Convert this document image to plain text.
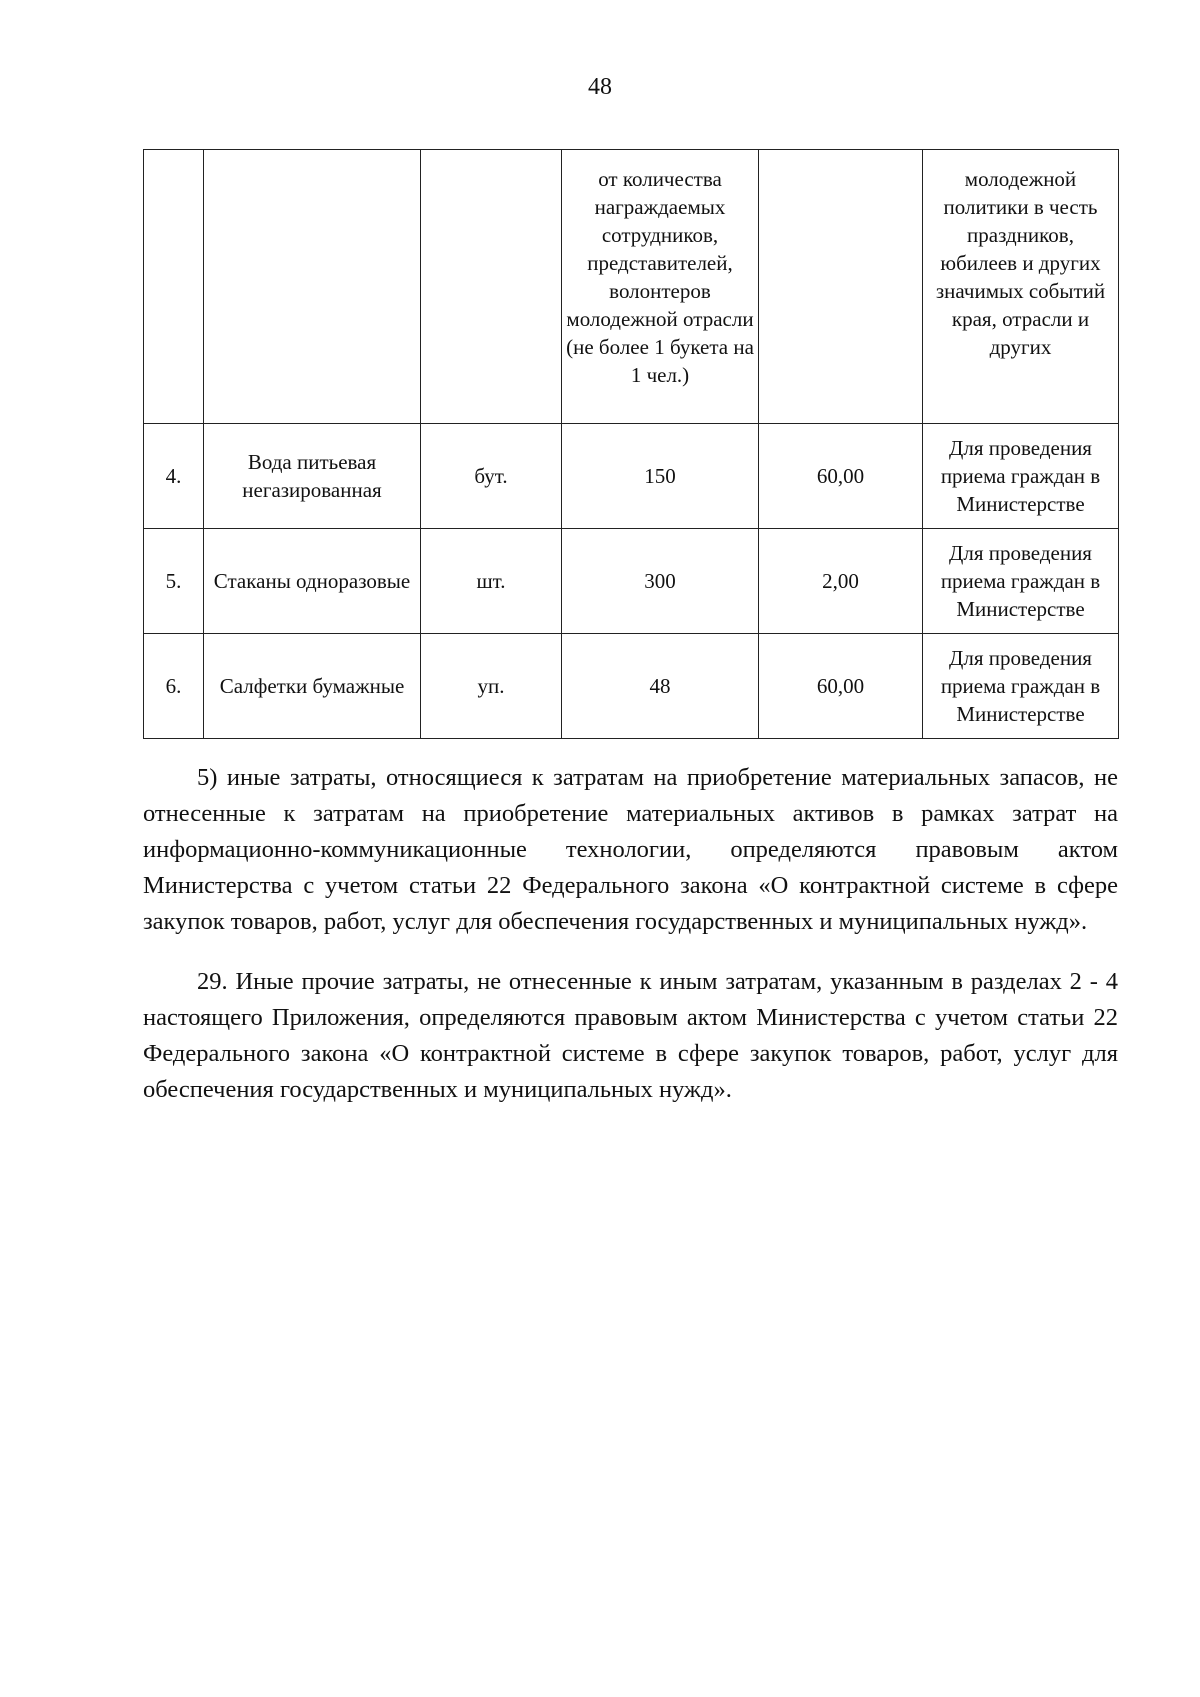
48
			от количества награждаемых сотрудников, представителей, волонтеров молодежной отрасли (не более 1 букета на 1 чел.)		молодежной политики в честь праздников, юбилеев и других значимых событий края, отрасли и других
4.	Вода питьевая негазированная	бут.	150	60,00	Для проведения приема граждан в Министерстве
5.	Стаканы одноразовые	шт.	300	2,00	Для проведения приема граждан в Министерстве
6.	Салфетки бумажные	уп.	48	60,00	Для проведения приема граждан в Министерстве

5) иные затраты, относящиеся к затратам на приобретение материальных запасов, не отнесенные к затратам на приобретение материальных активов в рамках затрат на информационно-коммуникационные технологии, определяются правовым актом Министерства с учетом статьи 22 Федерального закона «О контрактной системе в сфере закупок товаров, работ, услуг для обеспечения государственных и муниципальных нужд».

29. Иные прочие затраты, не отнесенные к иным затратам, указанным в разделах 2 - 4 настоящего Приложения, определяются правовым актом Министерства с учетом статьи 22 Федерального закона «О контрактной системе в сфере закупок товаров, работ, услуг для обеспечения государственных и муниципальных нужд».
